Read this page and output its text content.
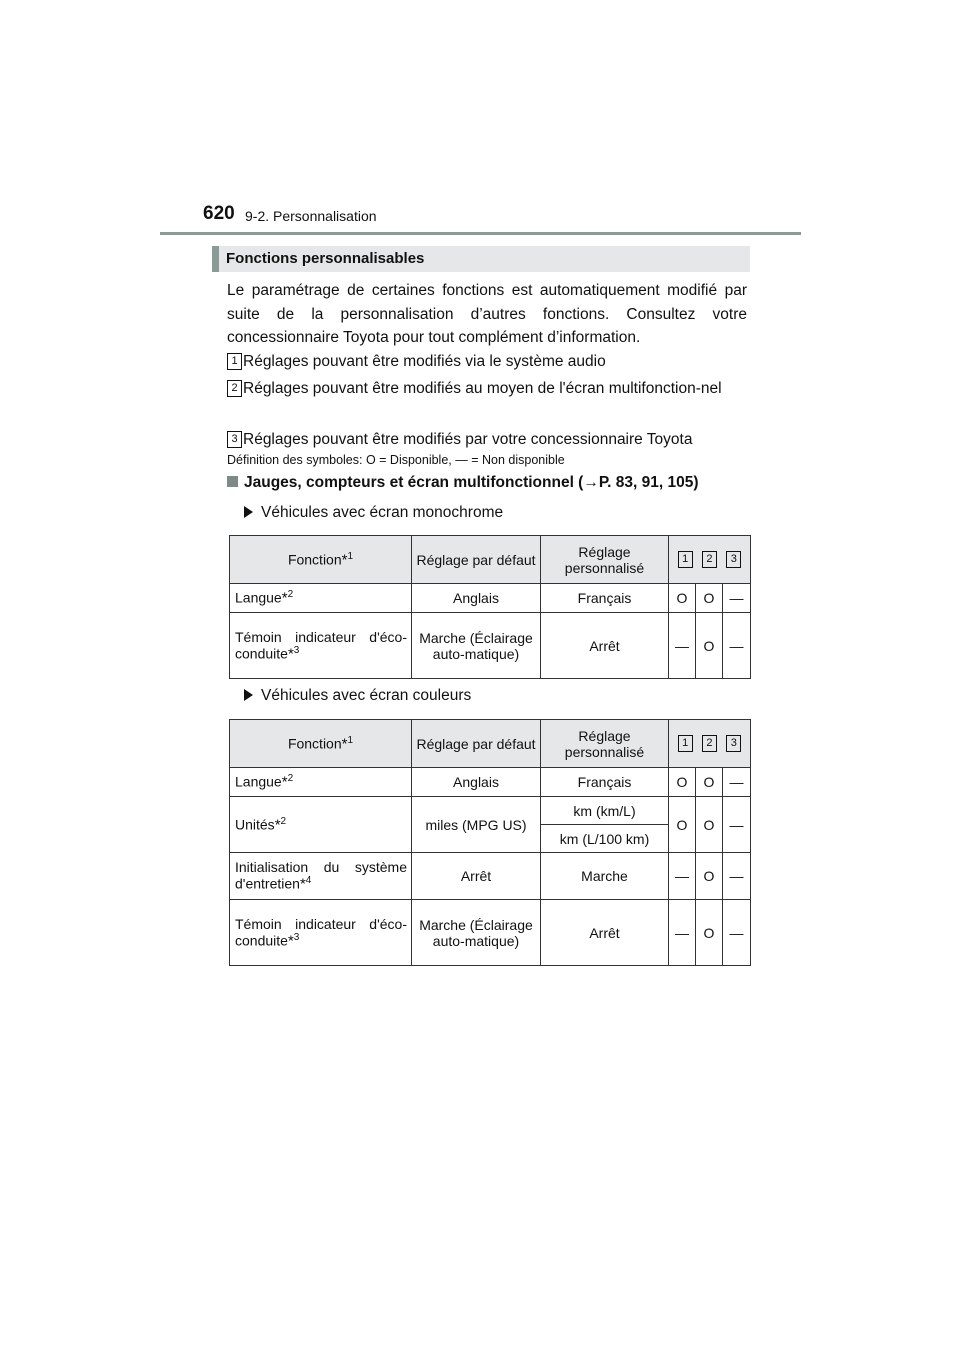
620 9-2. Personnalisation
Fonctions personnalisables
Le paramétrage de certaines fonctions est automatiquement modifié par suite de la personnalisation d’autres fonctions. Consultez votre concessionnaire Toyota pour tout complément d’information.
1 Réglages pouvant être modifiés via le système audio
2 Réglages pouvant être modifiés au moyen de l'écran multifonction-nel
3 Réglages pouvant être modifiés par votre concessionnaire Toyota
Définition des symboles: O = Disponible, — = Non disponible
Jauges, compteurs et écran multifonctionnel (→P. 83, 91, 105)
Véhicules avec écran monochrome
Fonction*$^1$	Réglage par défaut	Réglage personnalisé	1 2 3		

Langue*$^2$	Anglais	Français	O	O	—
Témoin indicateur d'éco-conduite*$^3$	Marche (Éclairage auto-matique)	Arrêt	—	O	—
Véhicules avec écran couleurs
Fonction*$^1$	Réglage par défaut	Réglage personnalisé	1 2 3		

Langue*$^2$	Anglais	Français	O	O	—
Unités*$^2$	miles (MPG US)	km (km/L)	O	O	—
		km (L/100 km)			
Initialisation du système d'entretien*$^4$	Arrêt	Marche	—	O	—
Témoin indicateur d'éco-conduite*$^3$	Marche (Éclairage auto-matique)	Arrêt	—	O	—
